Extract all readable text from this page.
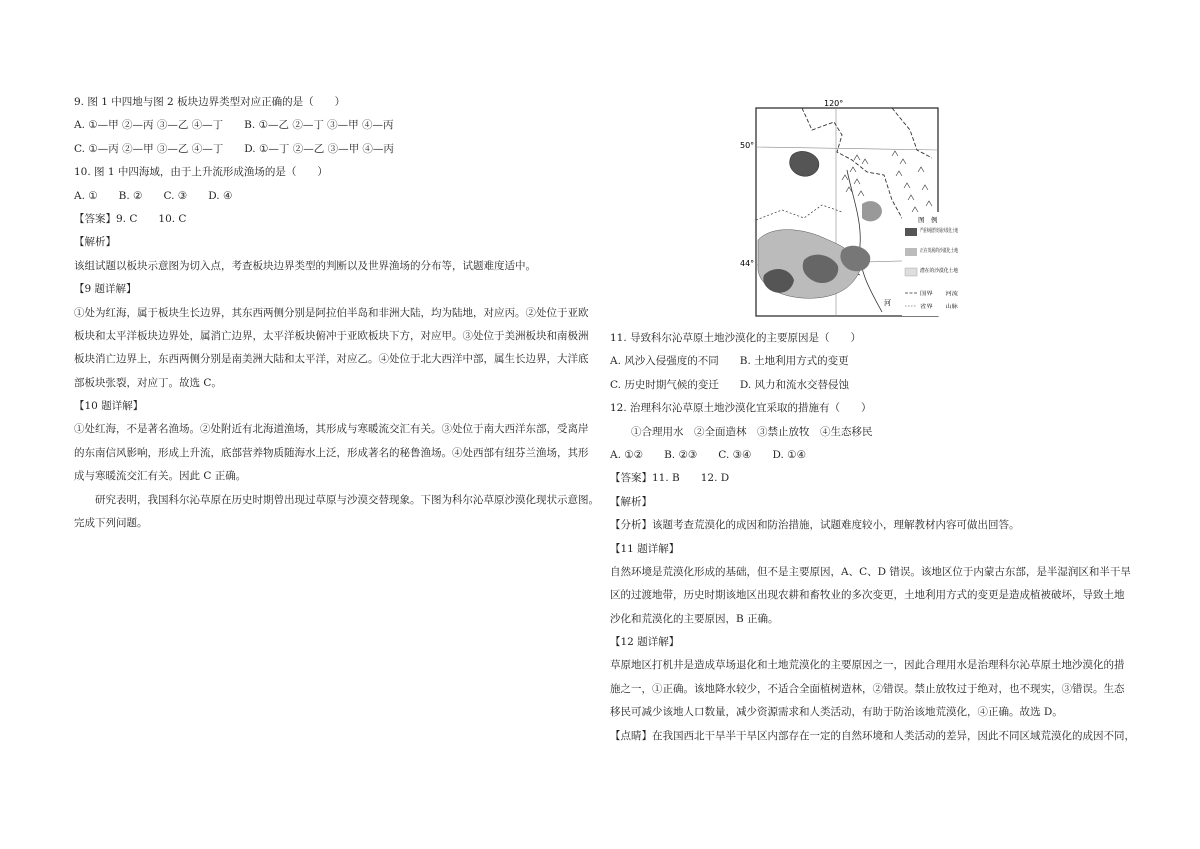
9. 图 1 中四地与图 2 板块边界类型对应正确的是（　　）
A. ①—甲 ②—丙 ③—乙 ④—丁　　B. ①—乙 ②—丁 ③—甲 ④—丙
C. ①—丙 ②—甲 ③—乙 ④—丁　　D. ①—丁 ②—乙 ③—甲 ④—丙
10. 图 1 中四海域，由于上升流形成渔场的是（　　）
A. ①　　B. ②　　C. ③　　D. ④
【答案】9. C　　10. C
【解析】
该组试题以板块示意图为切入点，考查板块边界类型的判断以及世界渔场的分布等，试题难度适中。
【9 题详解】
①处为红海，属于板块生长边界，其东西两侧分别是阿拉伯半岛和非洲大陆，均为陆地，对应丙。②处位于亚欧
板块和太平洋板块边界处，属消亡边界，太平洋板块俯冲于亚欧板块下方，对应甲。③处位于美洲板块和南极洲
板块消亡边界上，东西两侧分别是南美洲大陆和太平洋，对应乙。④处位于北大西洋中部，属生长边界，大洋底
部板块张裂，对应丁。故选 C。
【10 题详解】
①处红海，不是著名渔场。②处附近有北海道渔场，其形成与寒暖流交汇有关。③处位于南大西洋东部，受离岸
的东南信风影响，形成上升流，底部营养物质随海水上泛，形成著名的秘鲁渔场。④处西部有纽芬兰渔场，其形
成与寒暖流交汇有关。因此 C 正确。
研究表明，我国科尔沁草原在历史时期曾出现过草原与沙漠交替现象。下图为科尔沁草原沙漠化现状示意图。
完成下列问题。
120°
50°
44°
河
图　例
严重和强烈发展沙漠化土地
正在发展的沙漠化土地
潜在的沙漠化土地
国界　　河流
省界　　山脉
11. 导致科尔沁草原土地沙漠化的主要原因是（　　）
A. 风沙入侵强度的不同　　B. 土地利用方式的变更
C. 历史时期气候的变迁　　D. 风力和流水交替侵蚀
12. 治理科尔沁草原土地沙漠化宜采取的措施有（　　）
①合理用水　②全面造林　③禁止放牧　④生态移民
A. ①②　　B. ②③　　C. ③④　　D. ①④
【答案】11. B　　12. D
【解析】
【分析】该题考查荒漠化的成因和防治措施，试题难度较小，理解教材内容可做出回答。
【11 题详解】
自然环境是荒漠化形成的基础，但不是主要原因，A、C、D 错误。该地区位于内蒙古东部，是半湿润区和半干旱
区的过渡地带，历史时期该地区出现农耕和畜牧业的多次变更，土地利用方式的变更是造成植被破坏，导致土地
沙化和荒漠化的主要原因，B 正确。
【12 题详解】
草原地区打机井是造成草场退化和土地荒漠化的主要原因之一，因此合理用水是治理科尔沁草原土地沙漠化的措
施之一，①正确。该地降水较少，不适合全面植树造林，②错误。禁止放牧过于绝对，也不现实，③错误。生态
移民可减少该地人口数量，减少资源需求和人类活动，有助于防治该地荒漠化，④正确。故选 D。
【点睛】在我国西北干旱半干旱区内部存在一定的自然环境和人类活动的差异，因此不同区域荒漠化的成因不同，
